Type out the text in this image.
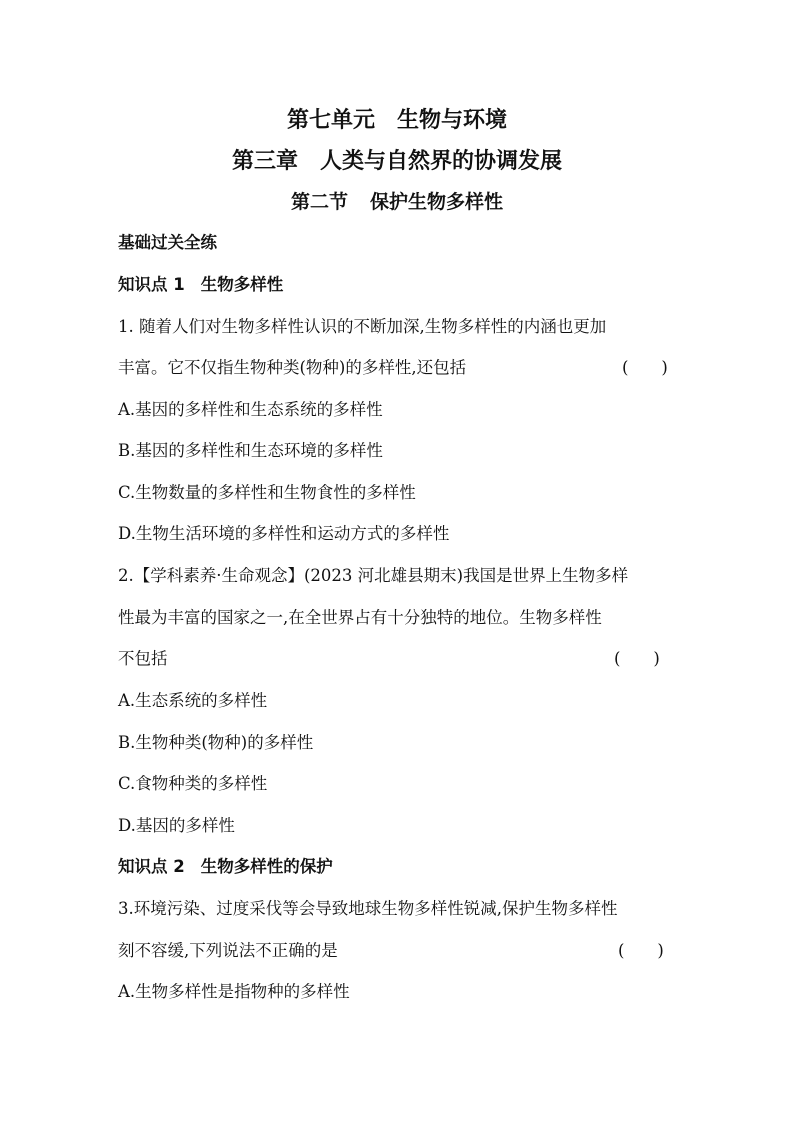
第七单元 生物与环境
第三章 人类与自然界的协调发展
第二节 保护生物多样性
基础过关全练
知识点 1 生物多样性
1. 随着人们对生物多样性认识的不断加深,生物多样性的内涵也更加
丰富。它不仅指生物种类(物种)的多样性,还包括	(　　)
A.基因的多样性和生态系统的多样性
B.基因的多样性和生态环境的多样性
C.生物数量的多样性和生物食性的多样性
D.生物生活环境的多样性和运动方式的多样性
2.【学科素养·生命观念】(2023 河北雄县期末)我国是世界上生物多样
性最为丰富的国家之一,在全世界占有十分独特的地位。生物多样性
不包括	(　　)
A.生态系统的多样性
B.生物种类(物种)的多样性
C.食物种类的多样性
D.基因的多样性
知识点 2 生物多样性的保护
3.环境污染、过度采伐等会导致地球生物多样性锐减,保护生物多样性
刻不容缓,下列说法不正确的是	(　　)
A.生物多样性是指物种的多样性
